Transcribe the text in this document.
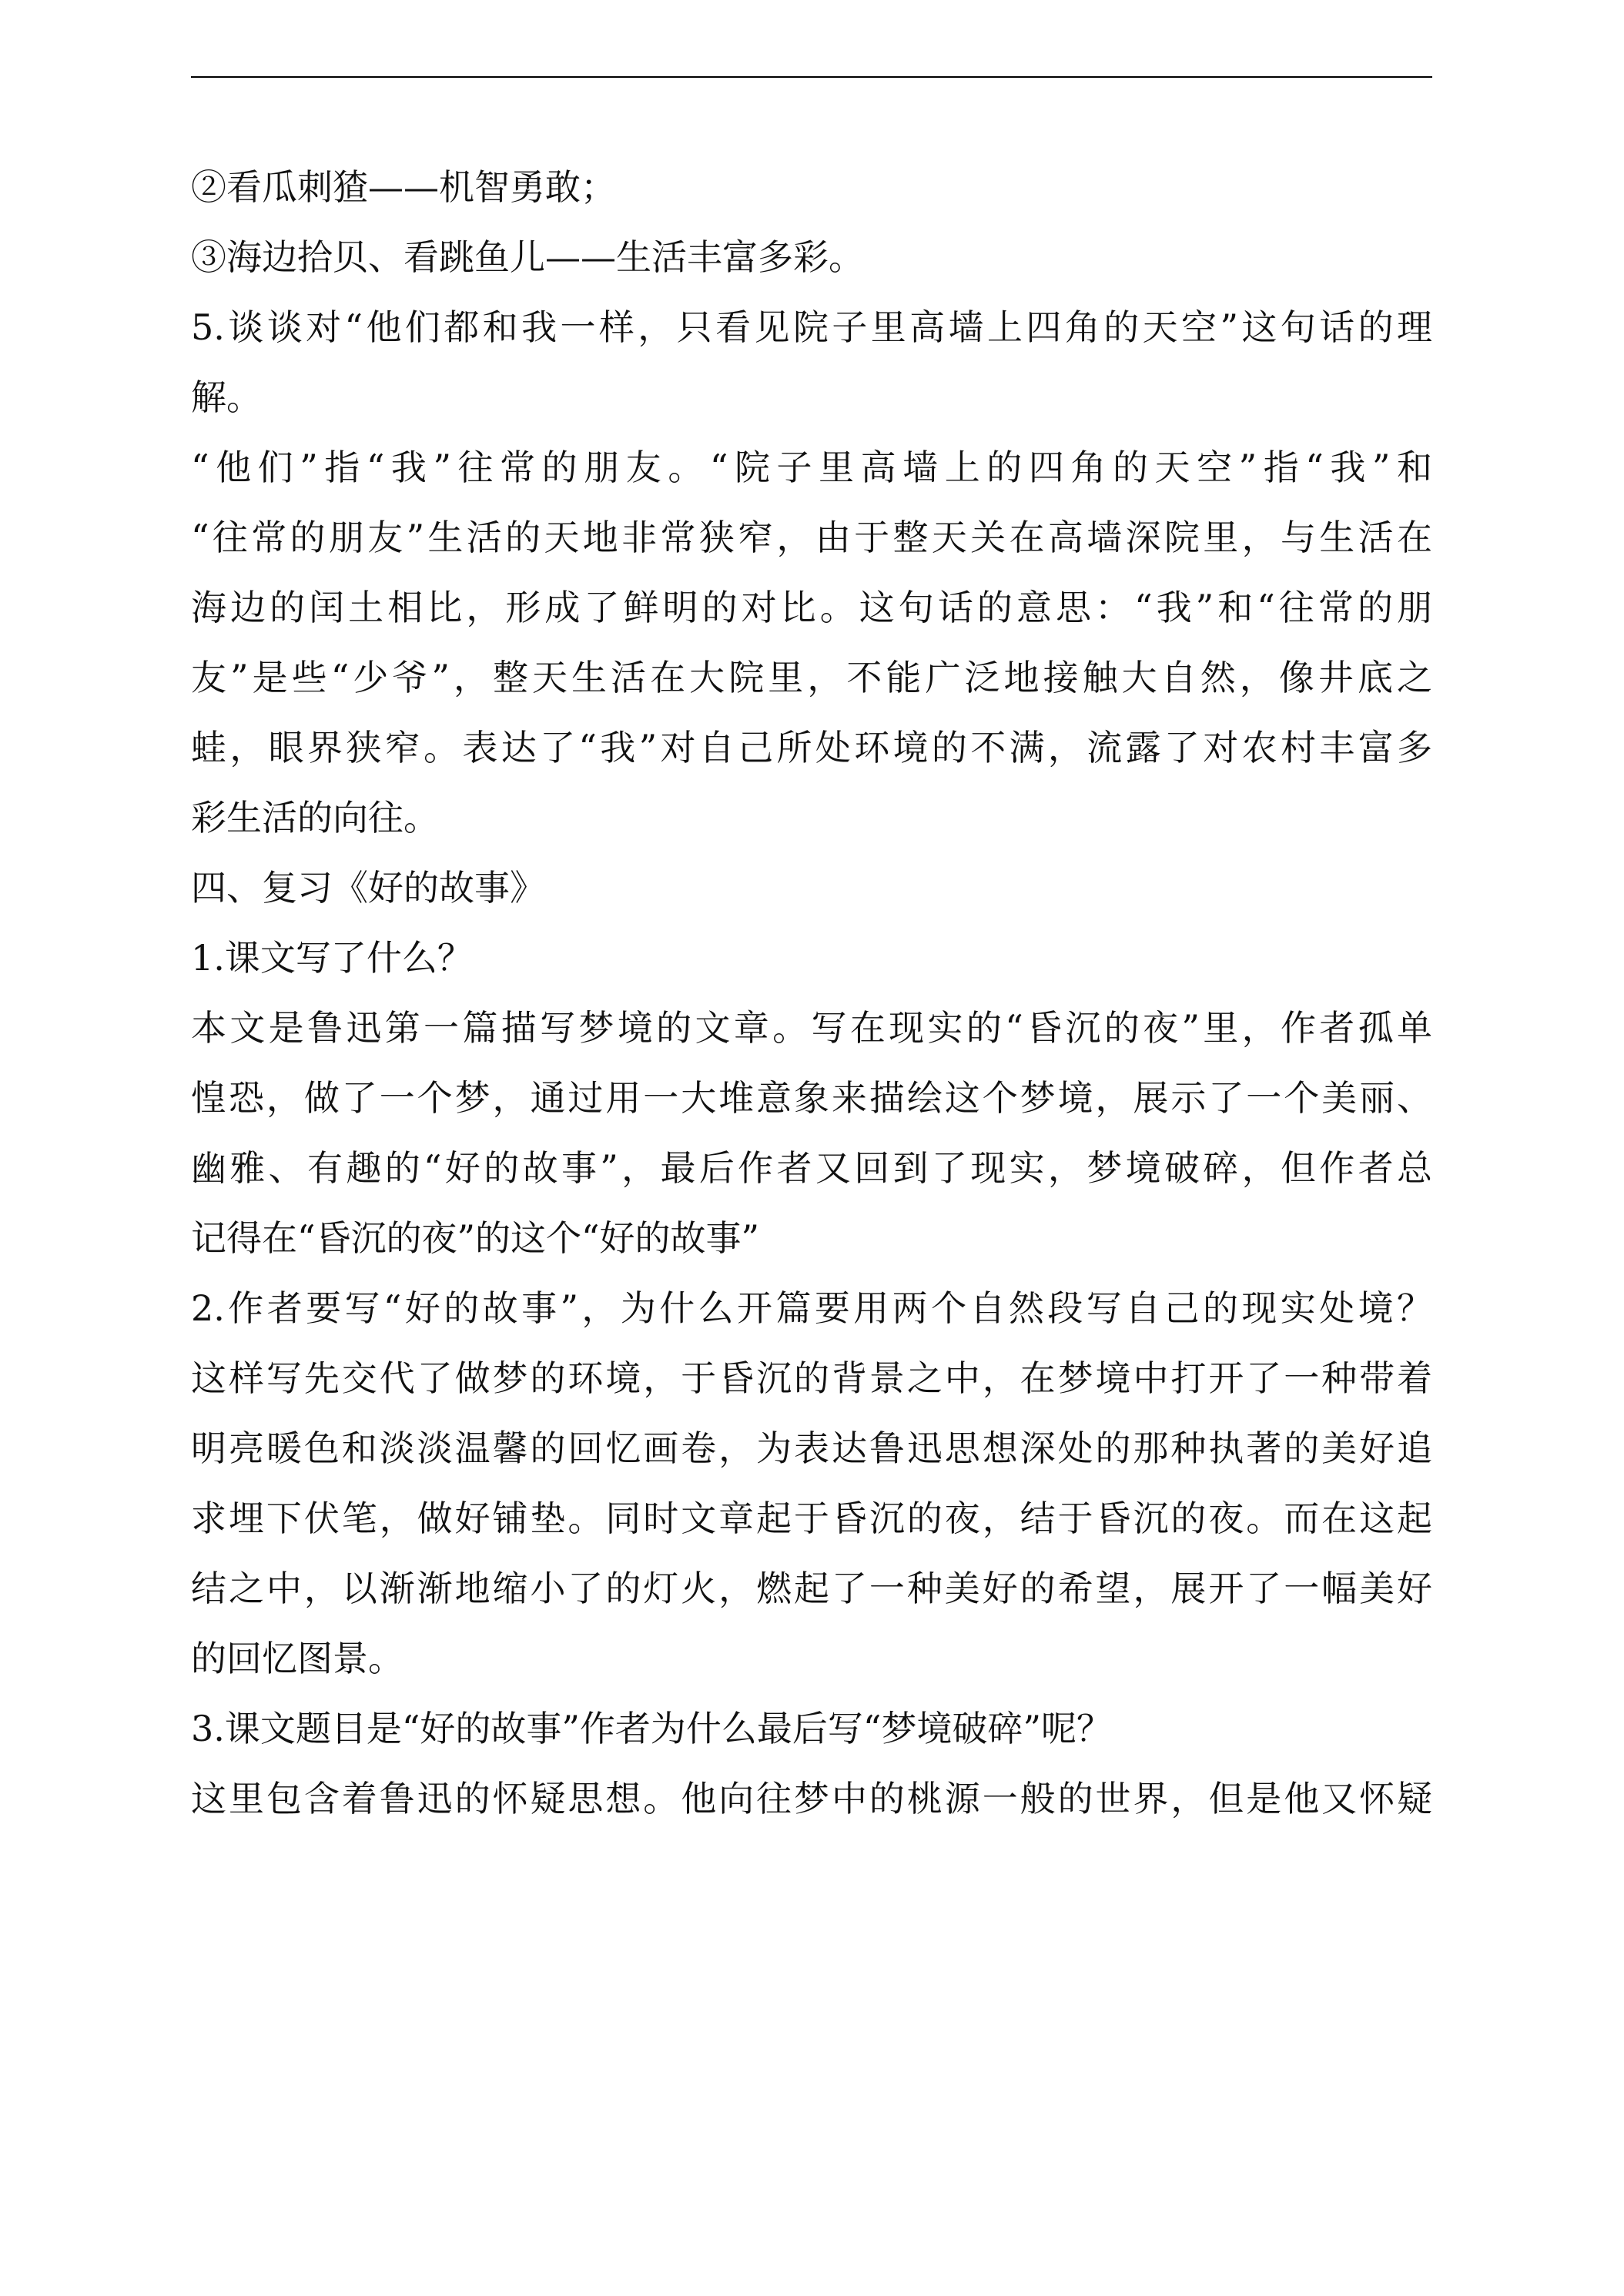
②看瓜刺猹——机智勇敢；
③海边拾贝、看跳鱼儿——生活丰富多彩。
5.谈谈对“他们都和我一样，只看见院子里高墙上四角的天空”这句话的理
解。
“他们”指“我”往常的朋友。“院子里高墙上的四角的天空”指“我”和
“往常的朋友”生活的天地非常狭窄，由于整天关在高墙深院里，与生活在
海边的闰土相比，形成了鲜明的对比。这句话的意思：“我”和“往常的朋
友”是些“少爷”，整天生活在大院里，不能广泛地接触大自然，像井底之
蛙，眼界狭窄。表达了“我”对自己所处环境的不满，流露了对农村丰富多
彩生活的向往。
四、复习《好的故事》
1.课文写了什么？
本文是鲁迅第一篇描写梦境的文章。写在现实的“昏沉的夜”里，作者孤单
惶恐，做了一个梦，通过用一大堆意象来描绘这个梦境，展示了一个美丽、
幽雅、有趣的“好的故事”，最后作者又回到了现实，梦境破碎，但作者总
记得在“昏沉的夜”的这个“好的故事”
2.作者要写“好的故事”，为什么开篇要用两个自然段写自己的现实处境？
这样写先交代了做梦的环境，于昏沉的背景之中，在梦境中打开了一种带着
明亮暖色和淡淡温馨的回忆画卷，为表达鲁迅思想深处的那种执著的美好追
求埋下伏笔，做好铺垫。同时文章起于昏沉的夜，结于昏沉的夜。而在这起
结之中，以渐渐地缩小了的灯火，燃起了一种美好的希望，展开了一幅美好
的回忆图景。
3.课文题目是“好的故事”作者为什么最后写“梦境破碎”呢？
这里包含着鲁迅的怀疑思想。他向往梦中的桃源一般的世界，但是他又怀疑
